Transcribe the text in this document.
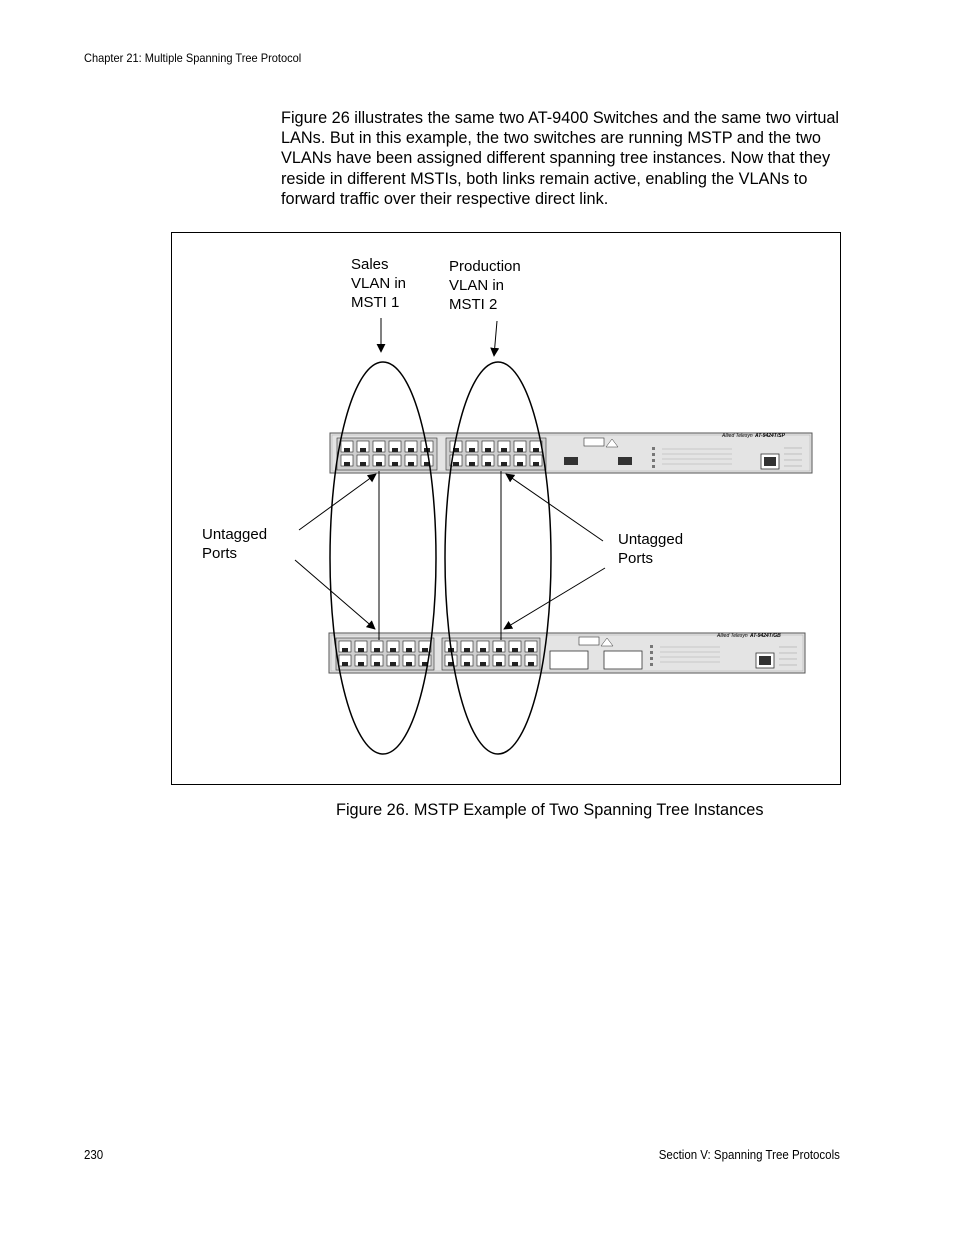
Chapter 21: Multiple Spanning Tree Protocol

Figure 26 illustrates the same two AT-9400 Switches and the same two virtual LANs. But in this example, the two switches are running MSTP and the two VLANs have been assigned different spanning tree instances. Now that they reside in different MSTIs, both links remain active, enabling the VLANs to forward traffic over their respective direct link.

Allied Telesyn AT-9424T/SP
Allied Telesyn AT-9424T/GB
Sales
VLAN in
MSTI 1
Production
VLAN in
MSTI 2
Untagged
Ports
Untagged
Ports
Figure 26. MSTP Example of Two Spanning Tree Instances
230	Section V: Spanning Tree Protocols
